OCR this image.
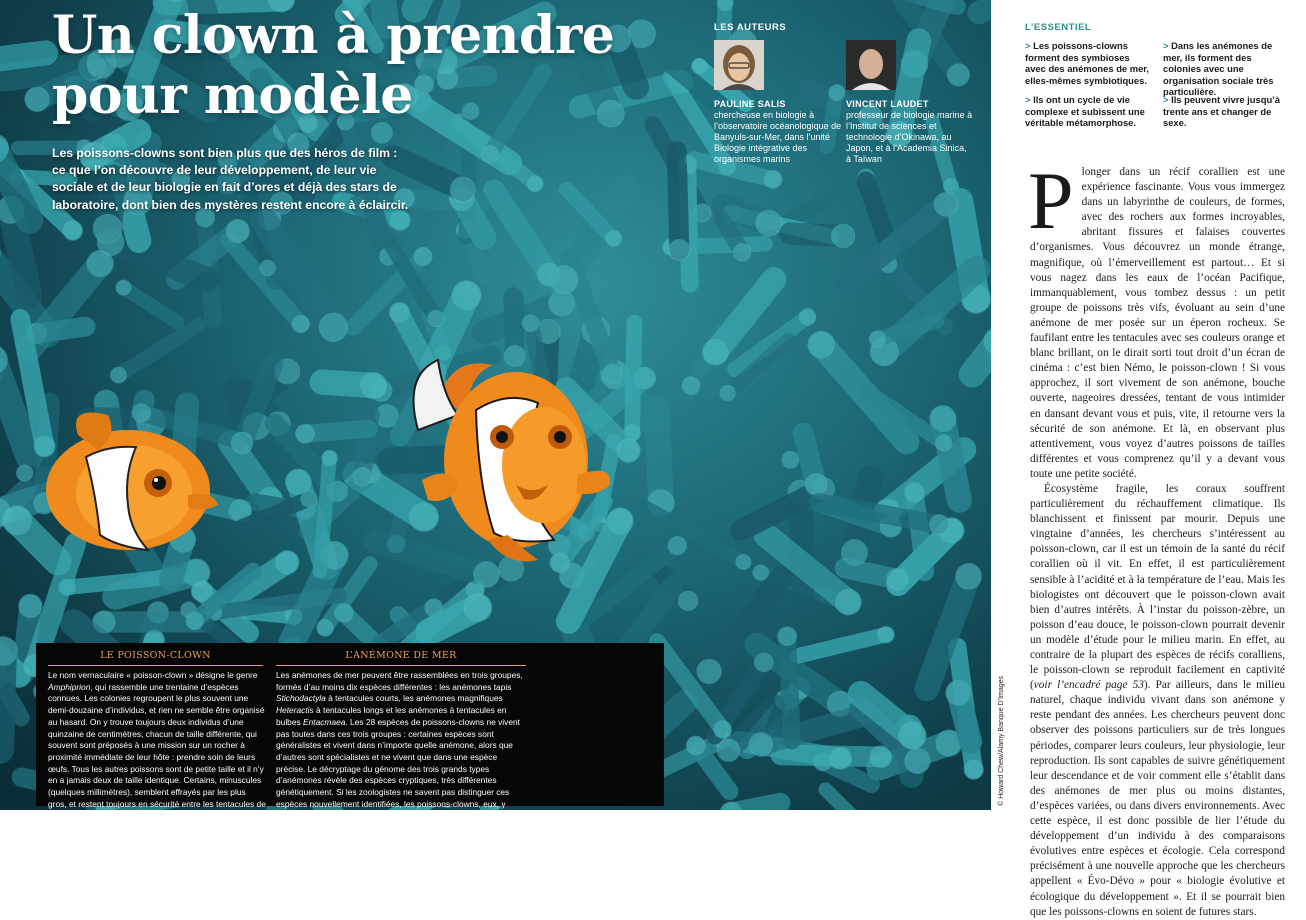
Un clown à prendre
pour modèle

Les poissons-clowns sont bien plus que des héros de film : ce que l’on découvre de leur développement, de leur vie sociale et de leur biologie en fait d’ores et déjà des stars de laboratoire, dont bien des mystères restent encore à éclaircir.

LES AUTEURS
PAULINE SALIS
chercheuse en biologie à l’observatoire océanologique de Banyuls-sur-Mer, dans l’unité Biologie intégrative des organismes marins
VINCENT LAUDET
professeur de biologie marine à l’Institut de sciences et technologie d’Okinawa, au Japon, et à l’Academia Sinica, à Taïwan
LE POISSON-CLOWN

Le nom vernaculaire « poisson-clown » désigne le genre Amphiprion, qui rassemble une trentaine d’espèces connues. Les colonies regroupent le plus souvent une demi-douzaine d’individus, et rien ne semble être organisé au hasard. On y trouve toujours deux individus d’une quinzaine de centimètres, chacun de taille différente, qui souvent sont préposés à une mission sur un rocher à proximité immédiate de leur hôte : prendre soin de leurs œufs. Tous les autres poissons sont de petite taille et il n’y en a jamais deux de taille identique. Certains, minuscules (quelques millimètres), semblent effrayés par les plus gros, et restent toujours en sécurité entre les tentacules de l’anémone.

L’ANÉMONE DE MER

Les anémones de mer peuvent être rassemblées en trois groupes, formés d’au moins dix espèces différentes : les anémones tapis Stichodactyla à tentacules courts, les anémones magnifiques Heteractis à tentacules longs et les anémones à tentacules en bulbes Entacmaea. Les 28 espèces de poissons-clowns ne vivent pas toutes dans ces trois groupes : certaines espèces sont généralistes et vivent dans n’importe quelle anémone, alors que d’autres sont spécialistes et ne vivent que dans une espèce précise. Le décryptage du génome des trois grands types d’anémones révèle des espèces cryptiques, très différentes génétiquement. Si les zoologistes ne savent pas distinguer ces espèces nouvellement identifiées, les poissons-clowns, eux, y parviennent très bien.

© Howard Chew/Alamy Banque D’Images
L’ESSENTIEL
> Les poissons-clowns forment des symbioses avec des anémones de mer, elles-mêmes symbiotiques.
> Ils ont un cycle de vie complexe et subissent une véritable métamorphose.
> Dans les anémones de mer, ils forment des colonies avec une organisation sociale très particulière.
> Ils peuvent vivre jusqu’à trente ans et changer de sexe.

Plonger dans un récif corallien est une expérience fascinante. Vous vous immergez dans un labyrinthe de couleurs, de formes, avec des rochers aux formes incroyables, abritant fissures et falaises couvertes d’organismes. Vous découvrez un monde étrange, magnifique, où l’émerveillement est partout… Et si vous nagez dans les eaux de l’océan Pacifique, immanquablement, vous tombez dessus : un petit groupe de poissons très vifs, évoluant au sein d’une anémone de mer posée sur un éperon rocheux. Se faufilant entre les tentacules avec ses couleurs orange et blanc brillant, on le dirait sorti tout droit d’un écran de cinéma : c’est bien Némo, le poisson-clown ! Si vous approchez, il sort vivement de son anémone, bouche ouverte, nageoires dressées, tentant de vous intimider en dansant devant vous et puis, vite, il retourne vers la sécurité de son anémone. Et là, en observant plus attentivement, vous voyez d’autres poissons de tailles différentes et vous comprenez qu’il y a devant vous toute une petite société.

Écosystème fragile, les coraux souffrent particulièrement du réchauffement climatique. Ils blanchissent et finissent par mourir. Depuis une vingtaine d’années, les chercheurs s’intéressent au poisson-clown, car il est un témoin de la santé du récif corallien où il vit. En effet, il est particulièrement sensible à l’acidité et à la température de l’eau. Mais les biologistes ont découvert que le poisson-clown avait bien d’autres intérêts. À l’instar du poisson-zèbre, un poisson d’eau douce, le poisson-clown pourrait devenir un modèle d’étude pour le milieu marin. En effet, au contraire de la plupart des espèces de récifs coralliens, le poisson-clown se reproduit facilement en captivité (voir l’encadré page 53). Par ailleurs, dans le milieu naturel, chaque individu vivant dans son anémone y reste pendant des années. Les chercheurs peuvent donc observer des poissons particuliers sur de très longues périodes, comparer leurs couleurs, leur physiologie, leur reproduction. Ils sont capables de suivre génétiquement leur descendance et de voir comment elle s’établit dans des anémones de mer plus ou moins distantes, d’espèces variées, ou dans divers environnements. Avec cette espèce, il est donc possible de lier l’étude du développement d’un individu à des comparaisons évolutives entre espèces et écologie. Cela correspond précisément à une nouvelle approche que les chercheurs appellent « Évo-Dévo » pour « biologie évolutive et écologique du développement ». Et il se pourrait bien que les poissons-clowns en soient de futures stars.
